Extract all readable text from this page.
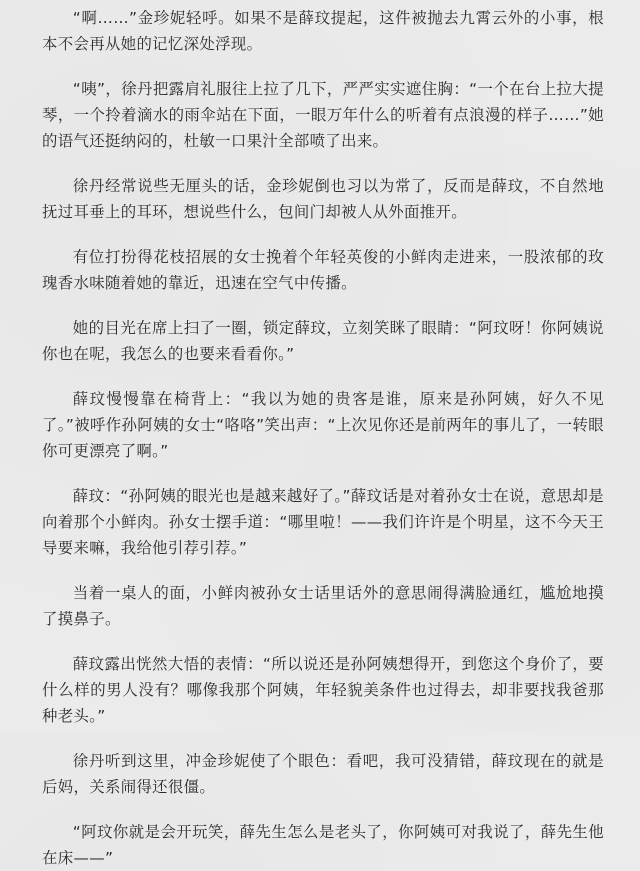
“啊……”金珍妮轻呼。如果不是薛玟提起，这件被抛去九霄云外的小事，根本不会再从她的记忆深处浮现。

“咦”，徐丹把露肩礼服往上拉了几下，严严实实遮住胸：“一个在台上拉大提琴，一个拎着滴水的雨伞站在下面，一眼万年什么的听着有点浪漫的样子……”她的语气还挺纳闷的，杜敏一口果汁全部喷了出来。

徐丹经常说些无厘头的话，金珍妮倒也习以为常了，反而是薛玟，不自然地抚过耳垂上的耳环，想说些什么，包间门却被人从外面推开。

有位打扮得花枝招展的女士挽着个年轻英俊的小鲜肉走进来，一股浓郁的玫瑰香水味随着她的靠近，迅速在空气中传播。

她的目光在席上扫了一圈，锁定薛玟，立刻笑眯了眼睛：“阿玟呀！你阿姨说你也在呢，我怎么的也要来看看你。”

薛玟慢慢靠在椅背上：“我以为她的贵客是谁，原来是孙阿姨，好久不见了。”被呼作孙阿姨的女士“咯咯”笑出声：“上次见你还是前两年的事儿了，一转眼你可更漂亮了啊。”

薛玟：“孙阿姨的眼光也是越来越好了。”薛玟话是对着孙女士在说，意思却是向着那个小鲜肉。孙女士摆手道：“哪里啦！——我们许许是个明星，这不今天王导要来嘛，我给他引荐引荐。”

当着一桌人的面，小鲜肉被孙女士话里话外的意思闹得满脸通红，尴尬地摸了摸鼻子。

薛玟露出恍然大悟的表情：“所以说还是孙阿姨想得开，到您这个身价了，要什么样的男人没有？哪像我那个阿姨，年轻貌美条件也过得去，却非要找我爸那种老头。”

徐丹听到这里，冲金珍妮使了个眼色：看吧，我可没猜错，薛玟现在的就是后妈，关系闹得还很僵。

“阿玟你就是会开玩笑，薛先生怎么是老头了，你阿姨可对我说了，薛先生他在床——”
